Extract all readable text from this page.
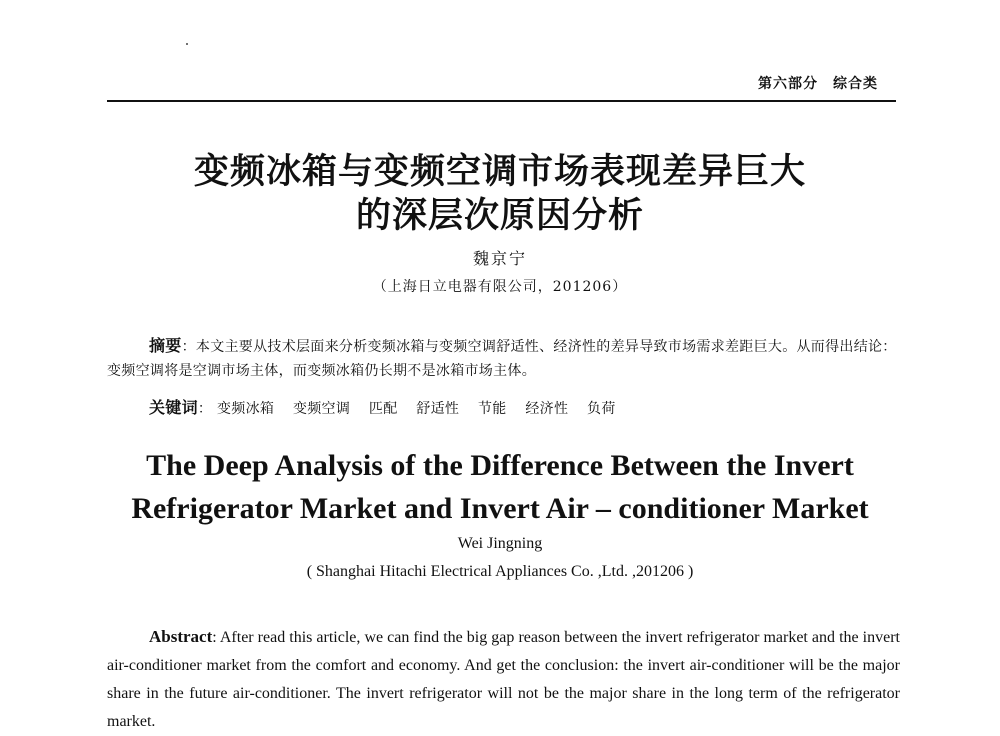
第六部分　综合类
变频冰箱与变频空调市场表现差异巨大
的深层次原因分析
魏京宁
（上海日立电器有限公司，201206）
摘要：本文主要从技术层面来分析变频冰箱与变频空调舒适性、经济性的差异导致市场需求差距巨大。从而得出结论：变频空调将是空调市场主体，而变频冰箱仍长期不是冰箱市场主体。
关键词： 变频冰箱 变频空调 匹配 舒适性 节能 经济性 负荷
The Deep Analysis of the Difference Between the Invert
Refrigerator Market and Invert Air – conditioner Market
Wei Jingning
( Shanghai Hitachi Electrical Appliances Co. ,Ltd. ,201206 )
Abstract: After read this article, we can find the big gap reason between the invert refrigerator market and the invert air-conditioner market from the comfort and economy. And get the conclusion: the invert air-conditioner will be the major share in the future air-conditioner. The invert refrigerator will not be the major share in the long term of the refrigerator market.
